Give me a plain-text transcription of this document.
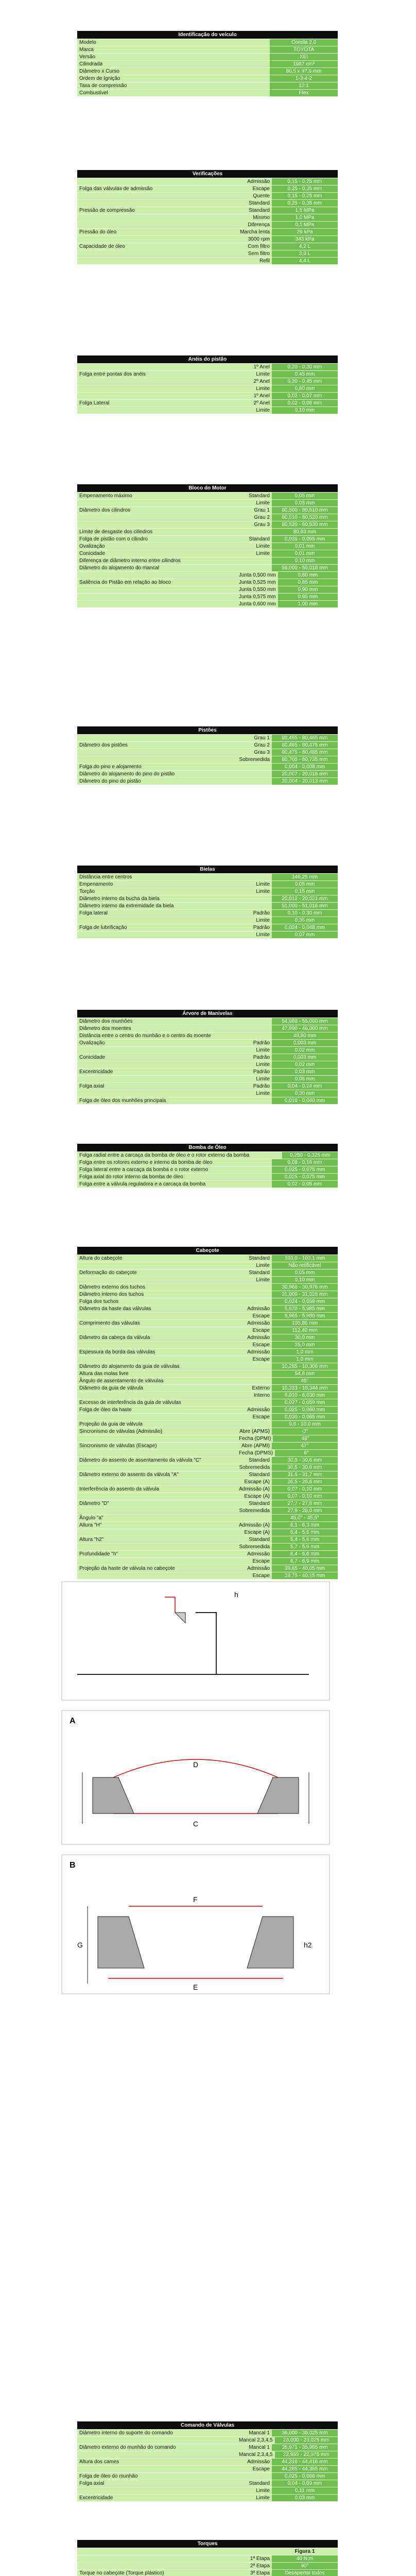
Identificação do veículo
Modelo	Corolla 2.0
Marca	TOYOTA
Versão	XEI
Cilindrada	1987 cm³
Diâmetro x Curso	80,5 x 97,6 mm
Ordem de Ignição	1-3-4-2
Taxa de compressão	13:1
Combustível	Flex
Verificações
Admissão	0,15 - 0,25 mm
Folga das válvulas de admissão	Escape	0,25 - 0,35 mm
Quente	0,15 - 0,25 mm
Standard	0,25 - 0,35 mm
Pressão de compressão	Standard	1,5 MPa
Mínimo	1,0 MPa
Diferença	0,1 MPa
Pressão do óleo	Marcha lenta	29 kPa
3000 rpm	343 kPa
Capacidade de óleo	Com filtro	4,2 L
Sem filtro	3,9 L
Refil	4,4 L
Anéis do pistão
1º Anel	0,20 - 0,30 mm
Folga entre pontas dos anéis	Limite	0,45 mm
2º Anel	0,30 - 0,45 mm
Limite	0,60 mm
1º Anel	0,02 - 0,07 mm
Folga Lateral	2º Anel	0,02 - 0,06 mm
Limite	0,10 mm
Bloco do Motor
Empenamento máximo	Standard	0,05 mm
Limite	0,08 mm
Diâmetro dos cilindros	Grau 1	80,500 - 80,510 mm
Grau 2	80,510 - 80,520 mm
Grau 3	80,520 - 80,530 mm
Limite de desgaste dos cilindros	80,63 mm
Folga de pistão com o cilindro	Standard	0,035 - 0,055 mm
Ovalização	Limite	0,01 mm
Conicidade	Limite	0,01 mm
Diferença de diâmetro interno entre cilindros	0,10 mm
Diâmetro do alojamento do mancal	59,000 - 59,018 mm
Junta 0,500 mm	0,80 mm
Saliência do Pistão em relação ao bloco	Junta 0,525 mm	0,85 mm
Junta 0,550 mm	0,90 mm
Junta 0,575 mm	0,95 mm
Junta 0,600 mm	1,00 mm
Pistões
Grau 1	80,455 - 80,465 mm
Diâmetro dos pistões	Grau 2	80,465 - 80,475 mm
Grau 3	80,475 - 80,485 mm
Sobremedida	80,705 - 80,735 mm
Folga do pino e alojamento	0,004 - 0,008 mm
Diâmetro do alojamento do pino do pistão	20,007 - 20,016 mm
Diâmetro do pino do pistão	20,004 - 20,013 mm
Bielas
Distância entre centros	146,25 mm
Empenamento	Limite	0,05 mm
Torção	Limite	0,15 mm
Diâmetro interno da bucha da biela	20,012 - 20,021 mm
Diâmetro interno da extremidade da biela	51,000 - 51,016 mm
Folga lateral	Padrão	0,10 - 0,30 mm
Limite	0,35 mm
Folga de lubrificação	Padrão	0,024 - 0,048 mm
Limite	0,07 mm
Árvore de Manivelas
Diâmetro dos munhões	54,988 - 55,000 mm
Diâmetro dos moentes	47,990 - 48,000 mm
Distância entre o centro do munhão e o centro do moente	48,80 mm
Ovalização	Padrão	0,003 mm
Limite	0,02 mm
Conicidade	Padrão	0,003 mm
Limite	0,02 mm
Excentricidade	Padrão	0,03 mm
Limite	0,06 mm
Folga axial	Padrão	0,04 - 0,24 mm
Limite	0,30 mm
Folga de óleo dos munhões principais	0,016 - 0,040 mm
Bomba de Óleo
Folga radial entre a carcaça da bomba de óleo e o rotor externo da bomba	0,250 - 0,325 mm
Folga entre os rotores externo e interno da bomba de óleo	0,08 - 0,16 mm
Folga lateral entre a carcaça da bomba e o rotor externo	0,025 - 0,075 mm
Folga axial do rotor interno da bomba de óleo	0,025 - 0,075 mm
Folga entre a válvula reguladora e a carcaça da bomba	0,02 - 0,05 mm
Cabeçote
Altura do cabeçote	Standard	103,0 - 103,1 mm
Limite	Não retificável
Deformação do cabeçote	Standard	0,05 mm
Limite	0,10 mm
Diâmetro externo dos tuchos	30,966 - 30,976 mm
Diâmetro interno dos tuchos	31,000 - 31,025 mm
Folga dos tuchos	0,024 - 0,059 mm
Diâmetro da haste das válvulas	Admissão	5,970 - 5,985 mm
Escape	5,965 - 5,980 mm
Comprimento das válvulas	Admissão	105,85 mm
Escape	112,40 mm
Diâmetro da cabeça da válvula	Admissão	30,0 mm
Escape	25,0 mm
Espessura da borda das válvulas	Admissão	1,0 mm
Escape	1,0 mm
Diâmetro do alojamento da guia de válvulas	10,285 - 10,306 mm
Altura das molas livre	54,8 mm
Ângulo de assentamento de válvulas	45°
Diâmetro da guia de válvula	Externo	10,333 - 10,344 mm
Interno	6,010 - 6,030 mm
Excesso de interferência da guia de válvulas	0,027 - 0,059 mm
Folga de óleo da haste	Admissão	0,025 - 0,060 mm
Escape	0,030 - 0,065 mm
Projeção da guia de válvula	9,6 - 10,0 mm
Sincronismo de válvulas (Admissão)	Abre (APMS)	-3°
Fecha (DPMI)	48°
Sincronismo de válvulas (Escape)	Abre (APMI)	47°
Fecha (DPMS)	6°
Diâmetro do assento de assentamento da válvula "C"	Standard	30,5 - 30,6 mm
Sobremedida	30,5 - 30,6 mm
Diâmetro externo do assento da válvula "A"	Standard	31,6 - 31,7 mm
Escape (A)	26,5 - 26,6 mm
Interferência do assento da válvula	Admissão (A)	0,07 - 0,10 mm
Escape (A)	0,07 - 0,10 mm
Diâmetro "D"	Standard	27,7 - 27,8 mm
Sobremedida	27,9 - 28,0 mm
Ângulo "a"	45,0° - 45,5°
Altura "H"	Admissão (A)	6,1 - 6,3 mm
Escape (A)	5,4 - 5,6 mm
Altura "h2"	Standard	5,4 - 5,6 mm
Sobremedida	5,7 - 5,9 mm
Profundidade "h"	Admissão	6,4 - 6,6 mm
Escape	6,7 - 6,9 mm
Projeção da haste de válvula no cabeçote	Admissão	39,65 - 40,05 mm
Escape	39,75 - 40,15 mm
h
A
C
D
B
E
F
G	h2
Comando de Válvulas
Diâmetro interno do suporte do comando	Mancal 1	36,000 - 36,025 mm
Mancal 2,3,4,5	23,000 - 23,025 mm
Diâmetro externo do munhão do comando	Mancal 1	35,971 - 35,985 mm
Mancal 2,3,4,5	22,959 - 22,975 mm
Altura dos cames	Admissão	44,316 - 44,416 mm
Escape	44,285 - 44,385 mm
Folga de óleo do munhão	0,025 - 0,066 mm
Folga axial	Standard	0,04 - 0,09 mm
Limite	0,11 mm
Excentricidade	Limite	0,03 mm
Torques
Figura 1
1ª Etapa	40 N.m
2ª Etapa	90°
Torque no cabeçote (Torque plástico)	3ª Etapa	Desapertar todos
